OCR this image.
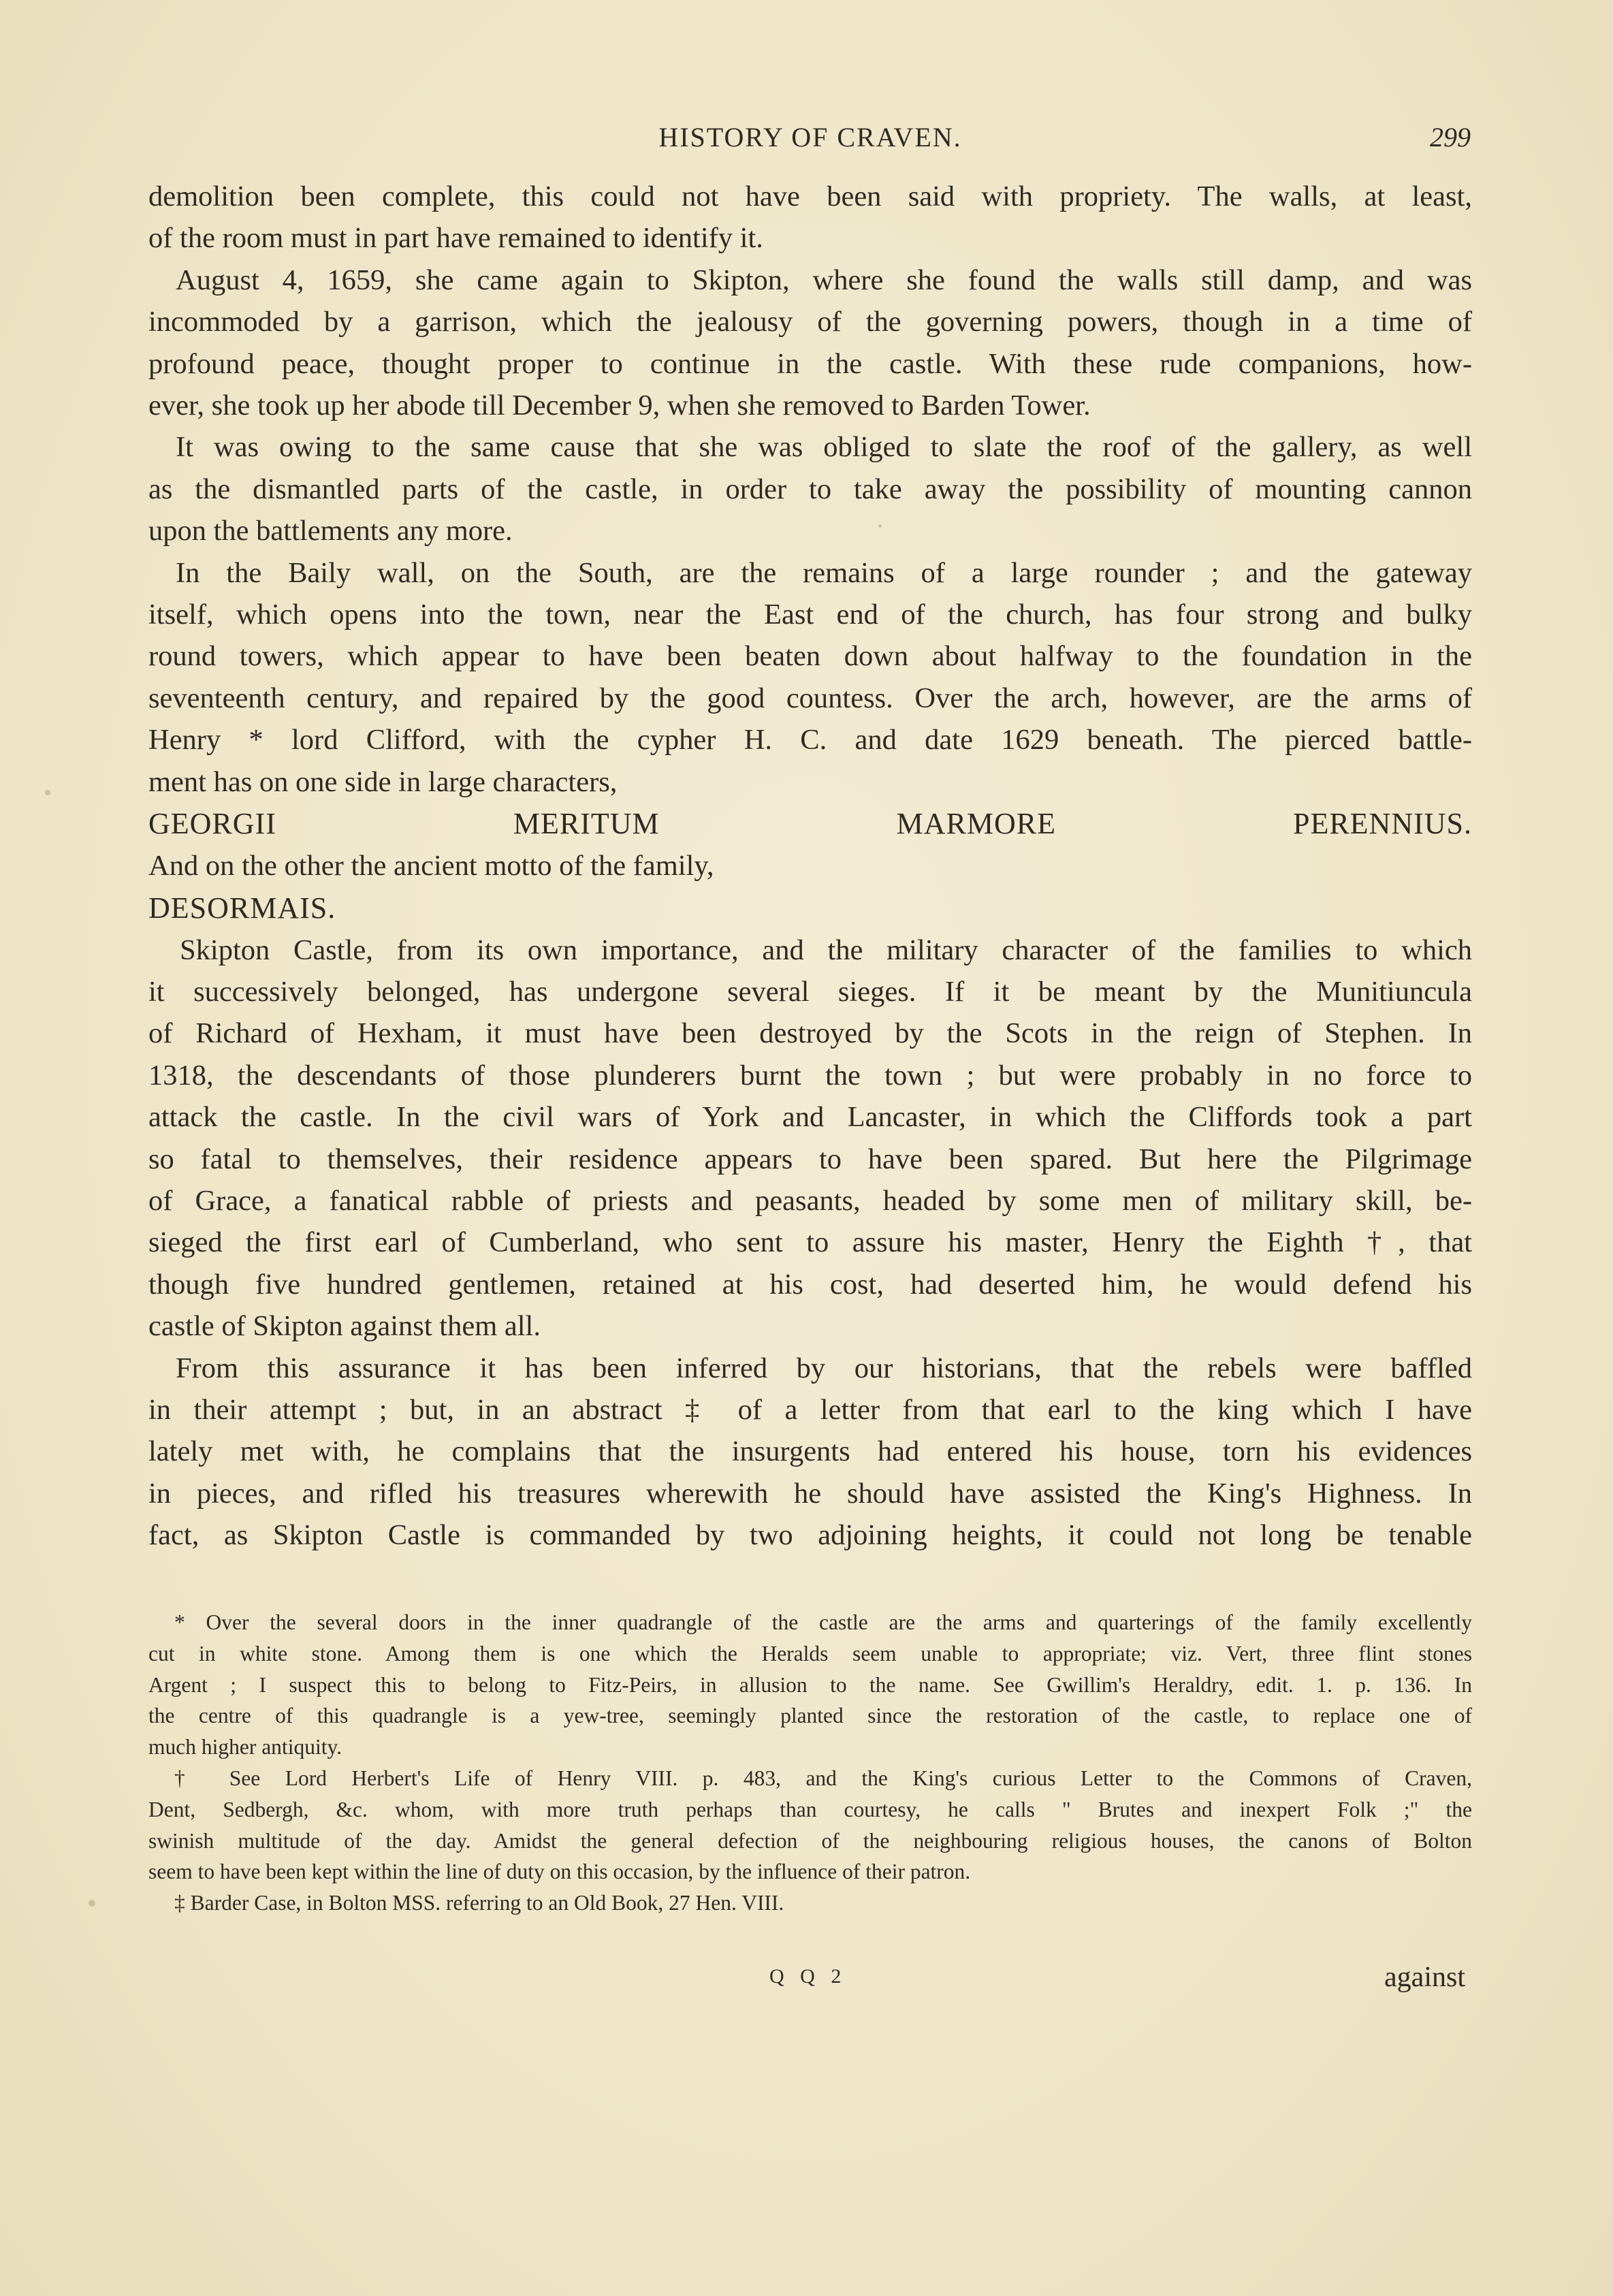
HISTORY OF CRAVEN.	299

demolition been complete, this could not have been said with propriety. The walls, at least,

of the room must in part have remained to identify it.

August 4, 1659, she came again to Skipton, where she found the walls still damp, and was

incommoded by a garrison, which the jealousy of the governing powers, though in a time of

profound peace, thought proper to continue in the castle. With these rude companions, how-

ever, she took up her abode till December 9, when she removed to Barden Tower.

It was owing to the same cause that she was obliged to slate the roof of the gallery, as well

as the dismantled parts of the castle, in order to take away the possibility of mounting cannon

upon the battlements any more.

In the Baily wall, on the South, are the remains of a large rounder ; and the gateway

itself, which opens into the town, near the East end of the church, has four strong and bulky

round towers, which appear to have been beaten down about halfway to the foundation in the

seventeenth century, and repaired by the good countess. Over the arch, however, are the arms of

Henry * lord Clifford, with the cypher H. C. and date 1629 beneath. The pierced battle-

ment has on one side in large characters,

GEORGII MERITUM MARMORE PERENNIUS.

And on the other the ancient motto of the family,

DESORMAIS.

Skipton Castle, from its own importance, and the military character of the families to which

it successively belonged, has undergone several sieges. If it be meant by the Munitiuncula

of Richard of Hexham, it must have been destroyed by the Scots in the reign of Stephen. In

1318, the descendants of those plunderers burnt the town ; but were probably in no force to

attack the castle. In the civil wars of York and Lancaster, in which the Cliffords took a part

so fatal to themselves, their residence appears to have been spared. But here the Pilgrimage

of Grace, a fanatical rabble of priests and peasants, headed by some men of military skill, be-

sieged the first earl of Cumberland, who sent to assure his master, Henry the Eighth †, that

though five hundred gentlemen, retained at his cost, had deserted him, he would defend his

castle of Skipton against them all.

From this assurance it has been inferred by our historians, that the rebels were baffled

in their attempt ; but, in an abstract ‡ of a letter from that earl to the king which I have

lately met with, he complains that the insurgents had entered his house, torn his evidences

in pieces, and rifled his treasures wherewith he should have assisted the King's Highness. In

fact, as Skipton Castle is commanded by two adjoining heights, it could not long be tenable

* Over the several doors in the inner quadrangle of the castle are the arms and quarterings of the family excellently

cut in white stone. Among them is one which the Heralds seem unable to appropriate; viz. Vert, three flint stones

Argent ; I suspect this to belong to Fitz-Peirs, in allusion to the name. See Gwillim's Heraldry, edit. 1. p. 136. In

the centre of this quadrangle is a yew-tree, seemingly planted since the restoration of the castle, to replace one of

much higher antiquity.

† See Lord Herbert's Life of Henry VIII. p. 483, and the King's curious Letter to the Commons of Craven,

Dent, Sedbergh, &c. whom, with more truth perhaps than courtesy, he calls " Brutes and inexpert Folk ;" the

swinish multitude of the day. Amidst the general defection of the neighbouring religious houses, the canons of Bolton

seem to have been kept within the line of duty on this occasion, by the influence of their patron.

‡ Barder Case, in Bolton MSS. referring to an Old Book, 27 Hen. VIII.

Q Q 2	against
